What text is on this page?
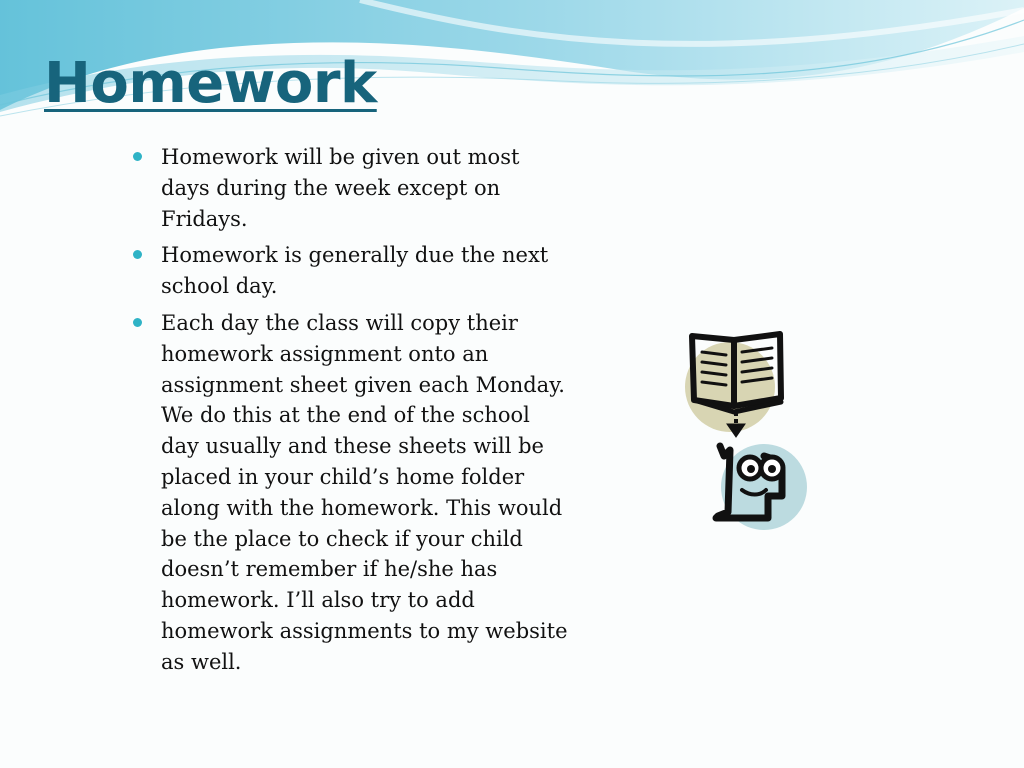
Homework
Homework will be given out most days during the week except on Fridays.
Homework is generally due the next school day.
Each day the class will copy their homework assignment onto an assignment sheet given each Monday. We do this at the end of the school day usually and these sheets will be placed in your child’s home folder along with the homework. This would be the place to check if your child doesn’t remember if he/she has homework. I’ll also try to add homework assignments to my website as well.
